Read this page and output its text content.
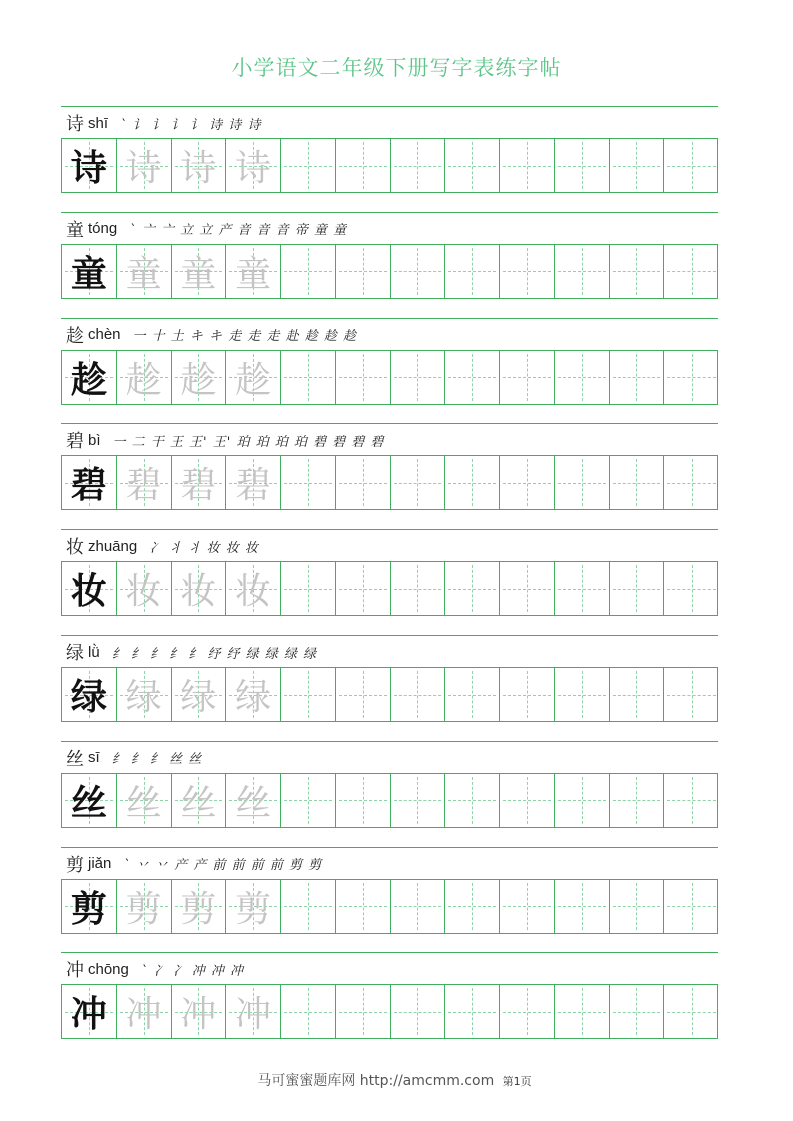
小学语文二年级下册写字表练字帖
诗 shī ` 讠 讠 讠 讠 诗 诗 诗
诗 诗 诗 诗
童 tóng ` 亠 亠 立 立 产 音 音 音 帝 童 童
童 童 童 童
趁 chèn 一 十 土 キ キ 走 走 走 赴 趁 趁 趁
趁 趁 趁 趁
碧 bì 一 二 干 王 王' 王' 珀 珀 珀 珀 碧 碧 碧 碧
碧 碧 碧 碧
妆 zhuāng 冫 丬 丬 妆 妆 妆
妆 妆 妆 妆
绿 lǜ 纟 纟 纟 纟 纟 纾 纾 绿 绿 绿 绿
绿 绿 绿 绿
丝 sī 纟 纟 纟 丝 丝
丝 丝 丝 丝
剪 jiǎn ` 丷 丷 产 产 前 前 前 前 剪 剪
剪 剪 剪 剪
冲 chōng ` 冫 冫 冲 冲 冲
冲 冲 冲 冲
马可蜜蜜题库网 http://amcmm.com 第1页
